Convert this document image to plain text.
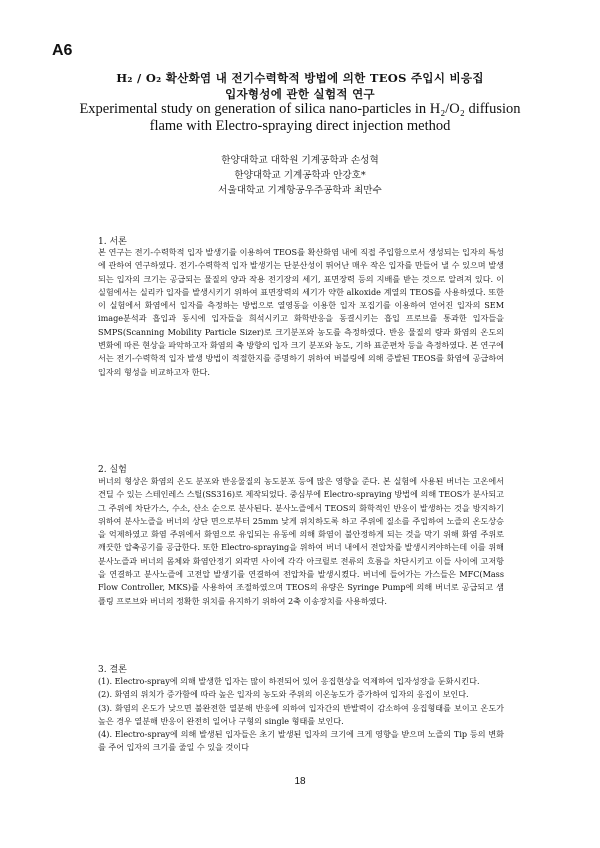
A6
H₂ / O₂ 확산화염 내 전기수력학적 방법에 의한 TEOS 주입시 비응집
입자형성에 관한 실험적 연구
Experimental study on generation of silica nano-particles in H₂/O₂ diffusion
flame with Electro-spraying direct injection method
한양대학교 대학원 기계공학과 손성혁
한양대학교 기계공학과 안강호*
서울대학교 기계항공우주공학과 최만수
1. 서론

본 연구는 전기-수력학적 입자 발생기를 이용하여 TEOS를 확산화염 내에 직접 주입함으로서 생성되는 입자의 특성에 관하여 연구하였다. 전기-수력학적 입자 발생기는 단분산성이 뛰어난 매우 작은 입자를 만들어 낼 수 있으며 발생되는 입자의 크기는 공급되는 물질의 양과 작용 전기장의 세기, 표면장력 등의 지배를 받는 것으로 알려져 있다. 이 실험에서는 실리카 입자를 발생시키기 위하여 표면장력의 세기가 약한 alkoxide 계열의 TEOS를 사용하였다. 또한 이 실험에서 화염에서 입자를 측정하는 방법으로 열영동을 이용한 입자 포집기를 이용하여 얻어진 입자의 SEM image분석과 흡입과 동시에 입자들을 희석시키고 화학반응을 동결시키는 흡입 프로브를 통과한 입자들을 SMPS(Scanning Mobility Particle Sizer)로 크기분포와 농도를 측정하였다. 반응 물질의 량과 화염의 온도의 변화에 따른 현상을 파악하고자 화염의 축 방향의 입자 크기 분포와 농도, 기하 표준편차 등을 측정하였다. 본 연구에서는 전기-수력학적 입자 발생 방법이 적절한지를 증명하기 위하여 버블링에 의해 증발된 TEOS를 화염에 공급하여 입자의 형성을 비교하고자 한다.

2. 실험

버너의 형상은 화염의 온도 분포와 반응물질의 농도분포 등에 많은 영향을 준다. 본 실험에 사용된 버너는 고온에서 견딜 수 있는 스테인레스 스틸(SS316)로 제작되었다. 중심부에 Electro-spraying 방법에 의해 TEOS가 분사되고 그 주위에 차단가스, 수소, 산소 순으로 분사된다. 분사노즐에서 TEOS의 화학적인 반응이 발생하는 것을 방지하기 위하여 분사노즐을 버너의 상단 면으로부터 25mm 낮게 위치하도록 하고 주위에 질소를 주입하여 노즐의 온도상승을 억제하였고 화염 주위에서 화염으로 유입되는 유동에 의해 화염이 불안정하게 되는 것을 막기 위해 화염 주위로 깨끗한 압축공기를 공급한다. 또한 Electro-spraying을 위하여 버너 내에서 전압차를 발생시켜야하는데 이를 위해 분사노즐과 버너의 몸체와 화염안정기 외곽면 사이에 각각 아크릴로 전류의 흐름을 차단시키고 이들 사이에 고저항을 연결하고 분사노즐에 고전압 발생기를 연결하여 전압차를 발생시켰다. 버너에 들어가는 가스들은 MFC(Mass Flow Controller, MKS)를 사용하여 조절하였으며 TEOS의 유량은 Syringe Pump에 의해 버너로 공급되고 샘플링 프로브와 버너의 정확한 위치를 유지하기 위하여 2축 이송장치를 사용하였다.

3. 결론

(1). Electro-spray에 의해 발생한 입자는 많이 하전되어 있어 응집현상을 억제하여 입자성장을 둔화시킨다.

(2). 화염의 위치가 증가함에 따라 높은 입자의 농도와 주위의 이온농도가 증가하여 입자의 응집이 보인다.

(3). 화염의 온도가 낮으면 불완전한 열분해 반응에 의하여 입자간의 반발력이 감소하여 응집형태를 보이고 온도가 높은 경우 열분해 반응이 완전히 일어나 구형의 single 형태를 보인다.

(4). Electro-spray에 의해 발생된 입자들은 초기 발생된 입자의 크기에 크게 영향을 받으며 노즐의 Tip 등의 변화를 주어 입자의 크기를 줄일 수 있을 것이다

18
